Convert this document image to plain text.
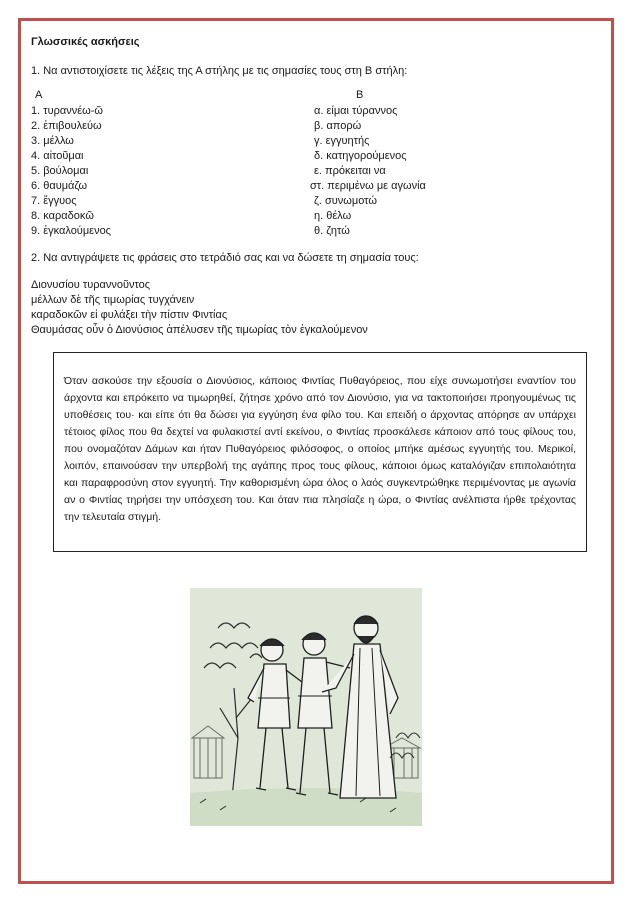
Γλωσσικές ασκήσεις
1. Να αντιστοιχίσετε τις λέξεις της Α στήλης με τις σημασίες τους στη Β στήλη:
Α	Β
1. τυραννέω-ῶ	α. είμαι τύραννος
2. ἐπιβουλεύω	β. απορώ
3. μέλλω	γ. εγγυητής
4. αἰτοῦμαι	δ. κατηγορούμενος
5. βούλομαι	ε. πρόκειται να
6. θαυμάζω	στ. περιμένω με αγωνία
7. ἔγγυος	ζ. συνωμοτώ
8. καραδοκῶ	η. θέλω
9. ἐγκαλούμενος	θ. ζητώ
2. Να αντιγράψετε τις φράσεις στο τετράδιό σας και να δώσετε τη σημασία τους:
Διονυσίου τυραννοῦντος
μέλλων δὲ τῆς τιμωρίας τυγχάνειν
καραδοκῶν εἰ φυλάξει τὴν πίστιν Φιντίας
Θαυμάσας οὖν ὁ Διονύσιος ἀπέλυσεν τῆς τιμωρίας τὸν ἐγκαλούμενον

Όταν ασκούσε την εξουσία ο Διονύσιος, κάποιος Φιντίας Πυθαγόρειος, που είχε συνωμοτήσει εναντίον του άρχοντα και επρόκειτο να τιμωρηθεί, ζήτησε χρόνο από τον Διονύσιο, για να τακτοποιήσει προηγουμένως τις υποθέσεις του· και είπε ότι θα δώσει για εγγύηση ένα φίλο του. Και επειδή ο άρχοντας απόρησε αν υπάρχει τέτοιος φίλος που θα δεχτεί να φυλακιστεί αντί εκείνου, ο Φιντίας προσκάλεσε κάποιον από τους φίλους του, που ονομαζόταν Δάμων και ήταν Πυθαγόρειος φιλόσοφος, ο οποίος μπήκε αμέσως εγγυητής του. Μερικοί, λοιπόν, επαινούσαν την υπερβολή της αγάπης προς τους φίλους, κάποιοι όμως καταλόγιζαν επιπολαιότητα και παραφροσύνη στον εγγυητή. Την καθορισμένη ώρα όλος ο λαός συγκεντρώθηκε περιμένοντας με αγωνία αν ο Φιντίας τηρήσει την υπόσχεση του. Και όταν πια πλησίαζε η ώρα, ο Φιντίας ανέλπιστα ήρθε τρέχοντας την τελευταία στιγμή.
